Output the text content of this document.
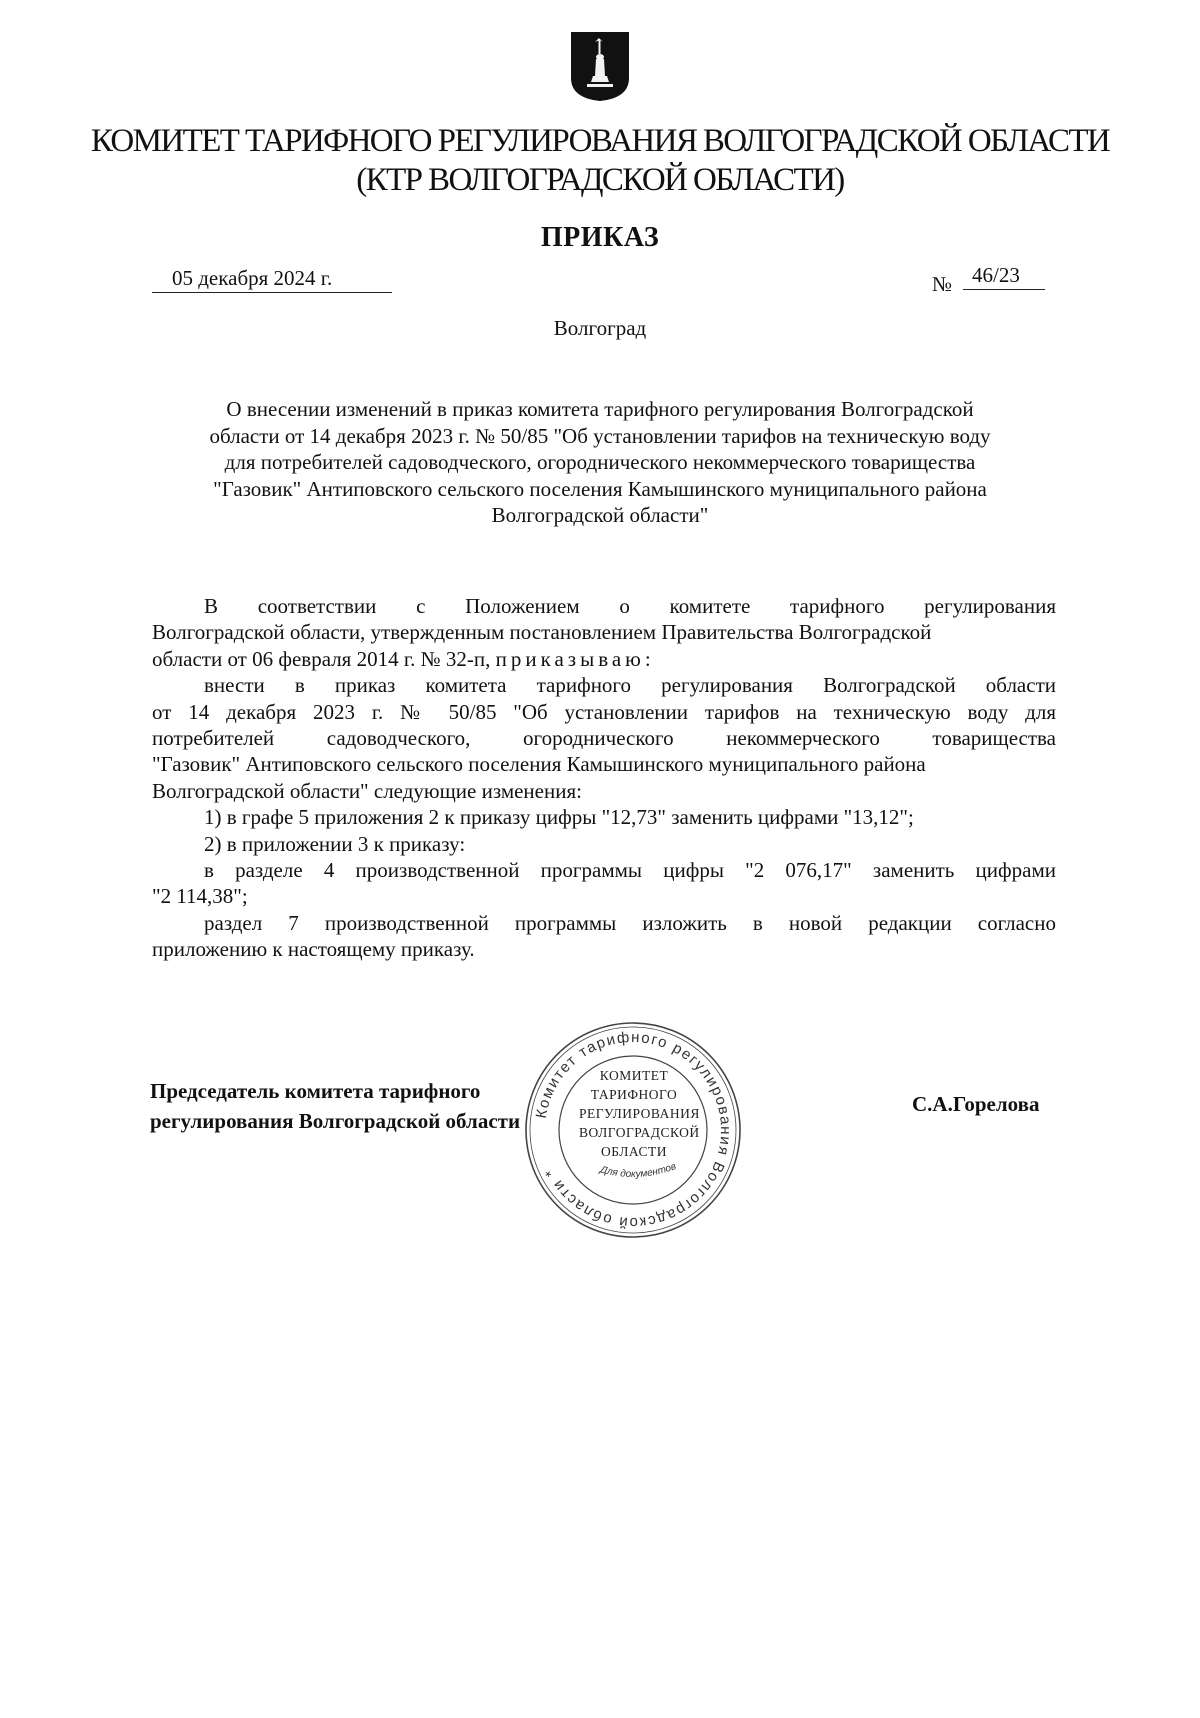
КОМИТЕТ ТАРИФНОГО РЕГУЛИРОВАНИЯ ВОЛГОГРАДСКОЙ ОБЛАСТИ
(КТР ВОЛГОГРАДСКОЙ ОБЛАСТИ)
ПРИКАЗ
05 декабря 2024 г.	№ 46/23
Волгоград
О внесении изменений в приказ комитета тарифного регулирования Волгоградской
области от 14 декабря 2023 г. № 50/85 "Об установлении тарифов на техническую воду
для потребителей садоводческого, огороднического некоммерческого товарищества
"Газовик" Антиповского сельского поселения Камышинского муниципального района
Волгоградской области"
В соответствии с Положением о комитете тарифного регулирования
Волгоградской области, утвержденным постановлением Правительства Волгоградской
области от 06 февраля 2014 г. № 32-п, приказываю:
внести в приказ комитета тарифного регулирования Волгоградской области
от 14 декабря 2023 г. № 50/85 "Об установлении тарифов на техническую воду для
потребителей садоводческого, огороднического некоммерческого товарищества
"Газовик" Антиповского сельского поселения Камышинского муниципального района
Волгоградской области" следующие изменения:
1) в графе 5 приложения 2 к приказу цифры "12,73" заменить цифрами "13,12";
2) в приложении 3 к приказу:
в разделе 4 производственной программы цифры "2 076,17" заменить цифрами
"2 114,38";
раздел 7 производственной программы изложить в новой редакции согласно
приложению к настоящему приказу.
Комитет тарифного регулирования Волгоградской области *	Для документов
КОМИТЕТ
ТАРИФНОГО
РЕГУЛИРОВАНИЯ
ВОЛГОГРАДСКОЙ
ОБЛАСТИ
Председатель комитета тарифного
регулирования Волгоградской области
С.А.Горелова
